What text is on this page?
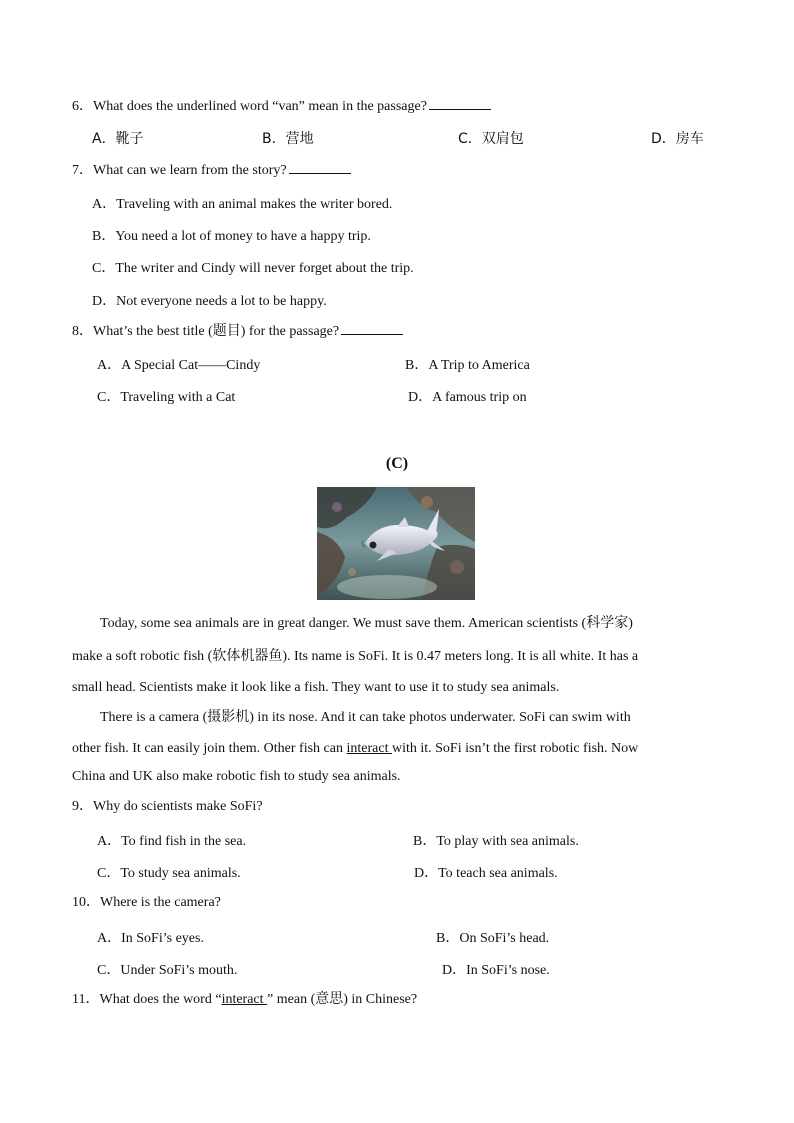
6．What does the underlined word “van” mean in the passage?
A．靴子	B．营地	C．双肩包	D．房车
7．What can we learn from the story?
A．Traveling with an animal makes the writer bored.
B．You need a lot of money to have a happy trip.
C．The writer and Cindy will never forget about the trip.
D．Not everyone needs a lot to be happy.
8．What’s the best title (题目) for the passage?
A．A Special Cat——Cindy	B．A Trip to America
C．Traveling with a Cat	D．A famous trip on
(C)
Today, some sea animals are in great danger. We must save them. American scientists (科学家)
make a soft robotic fish (软体机器鱼). Its name is SoFi. It is 0.47 meters long. It is all white. It has a
small head. Scientists make it look like a fish. They want to use it to study sea animals.
There is a camera (摄影机) in its nose. And it can take photos underwater. SoFi can swim with
other fish. It can easily join them. Other fish can interact with it. SoFi isn’t the first robotic fish. Now
China and UK also make robotic fish to study sea animals.
9．Why do scientists make SoFi?
A．To find fish in the sea.	B．To play with sea animals.
C．To study sea animals.	D．To teach sea animals.
10．Where is the camera?
A．In SoFi’s eyes.	B．On SoFi’s head.
C．Under SoFi’s mouth.	D．In SoFi’s nose.
11．What does the word “interact ” mean (意思) in Chinese?
